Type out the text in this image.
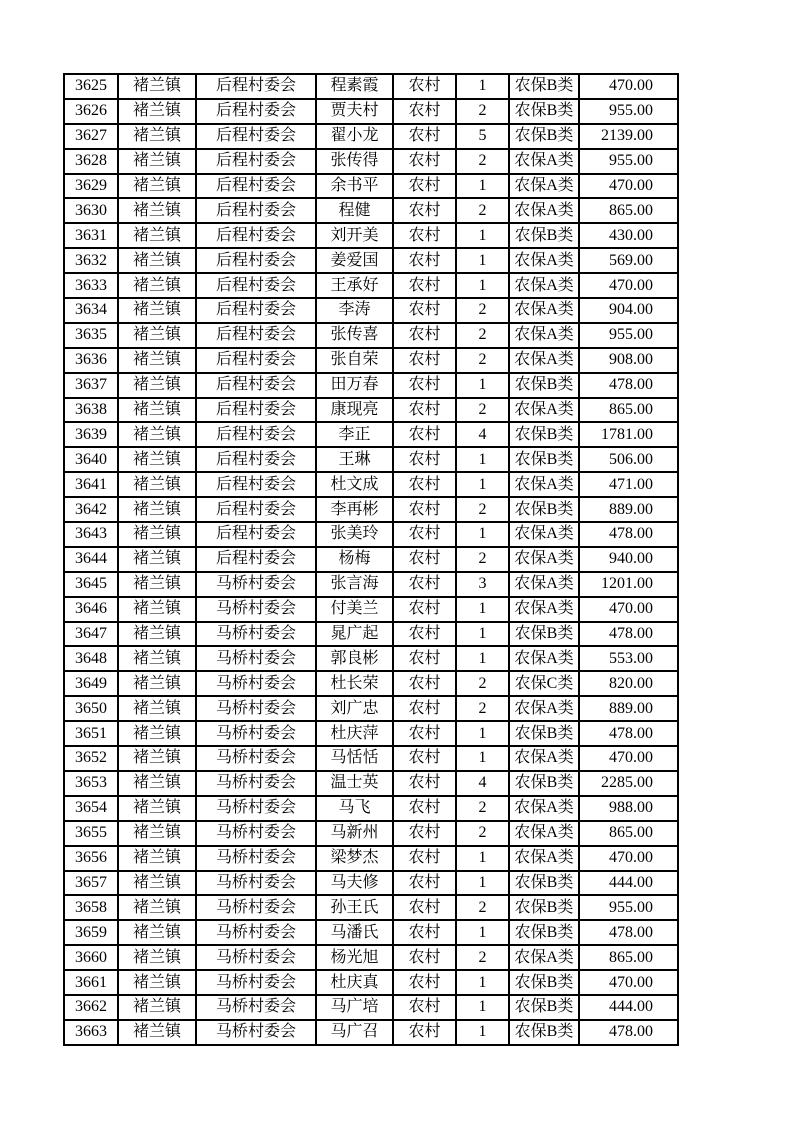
3625	褚兰镇	后程村委会	程素霞	农村	1	农保B类	470.00
3626	褚兰镇	后程村委会	贾夫村	农村	2	农保B类	955.00
3627	褚兰镇	后程村委会	翟小龙	农村	5	农保B类	2139.00
3628	褚兰镇	后程村委会	张传得	农村	2	农保A类	955.00
3629	褚兰镇	后程村委会	余书平	农村	1	农保A类	470.00
3630	褚兰镇	后程村委会	程健	农村	2	农保A类	865.00
3631	褚兰镇	后程村委会	刘开美	农村	1	农保B类	430.00
3632	褚兰镇	后程村委会	姜爱国	农村	1	农保A类	569.00
3633	褚兰镇	后程村委会	王承好	农村	1	农保A类	470.00
3634	褚兰镇	后程村委会	李涛	农村	2	农保A类	904.00
3635	褚兰镇	后程村委会	张传喜	农村	2	农保A类	955.00
3636	褚兰镇	后程村委会	张自荣	农村	2	农保A类	908.00
3637	褚兰镇	后程村委会	田万春	农村	1	农保B类	478.00
3638	褚兰镇	后程村委会	康现亮	农村	2	农保A类	865.00
3639	褚兰镇	后程村委会	李正	农村	4	农保B类	1781.00
3640	褚兰镇	后程村委会	王琳	农村	1	农保B类	506.00
3641	褚兰镇	后程村委会	杜文成	农村	1	农保A类	471.00
3642	褚兰镇	后程村委会	李再彬	农村	2	农保B类	889.00
3643	褚兰镇	后程村委会	张美玲	农村	1	农保A类	478.00
3644	褚兰镇	后程村委会	杨梅	农村	2	农保A类	940.00
3645	褚兰镇	马桥村委会	张言海	农村	3	农保A类	1201.00
3646	褚兰镇	马桥村委会	付美兰	农村	1	农保A类	470.00
3647	褚兰镇	马桥村委会	晁广起	农村	1	农保B类	478.00
3648	褚兰镇	马桥村委会	郭良彬	农村	1	农保A类	553.00
3649	褚兰镇	马桥村委会	杜长荣	农村	2	农保C类	820.00
3650	褚兰镇	马桥村委会	刘广忠	农村	2	农保A类	889.00
3651	褚兰镇	马桥村委会	杜庆萍	农村	1	农保B类	478.00
3652	褚兰镇	马桥村委会	马恬恬	农村	1	农保A类	470.00
3653	褚兰镇	马桥村委会	温士英	农村	4	农保B类	2285.00
3654	褚兰镇	马桥村委会	马飞	农村	2	农保A类	988.00
3655	褚兰镇	马桥村委会	马新州	农村	2	农保A类	865.00
3656	褚兰镇	马桥村委会	梁梦杰	农村	1	农保A类	470.00
3657	褚兰镇	马桥村委会	马夫修	农村	1	农保B类	444.00
3658	褚兰镇	马桥村委会	孙王氏	农村	2	农保B类	955.00
3659	褚兰镇	马桥村委会	马潘氏	农村	1	农保B类	478.00
3660	褚兰镇	马桥村委会	杨光旭	农村	2	农保A类	865.00
3661	褚兰镇	马桥村委会	杜庆真	农村	1	农保B类	470.00
3662	褚兰镇	马桥村委会	马广培	农村	1	农保B类	444.00
3663	褚兰镇	马桥村委会	马广召	农村	1	农保B类	478.00
